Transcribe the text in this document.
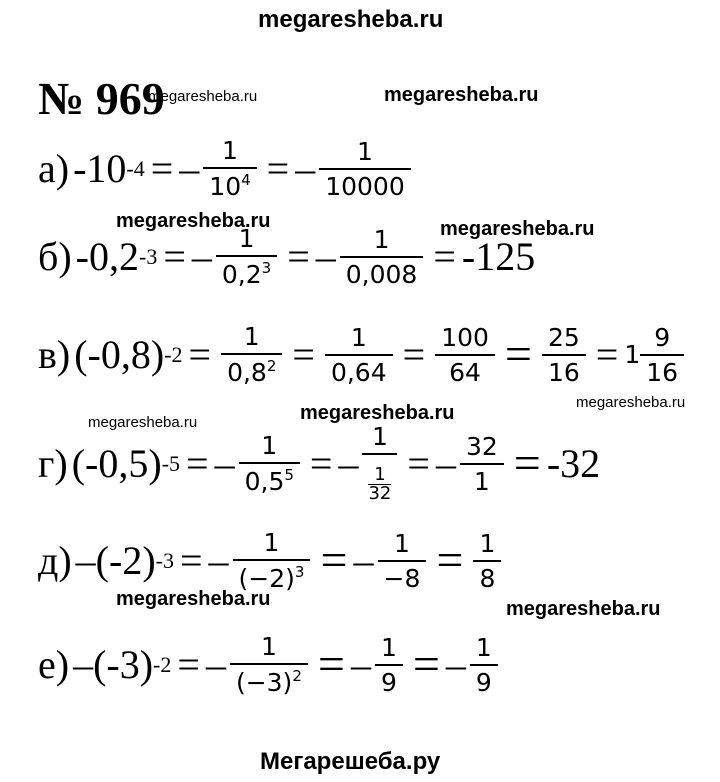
megaresheba.ru
Мегарешеба.ру
megaresheba.ru	megaresheba.ru
megaresheba.ru	megaresheba.ru
megaresheba.ru	megaresheba.ru	megaresheba.ru
megaresheba.ru	megaresheba.ru
№ 969
а) -10 -4 = – $\frac{1}{10^4}$ = – $\frac{1}{10000}$
б) -0,2 -3 = – $\frac{1}{0,2^3}$ = – $\frac{1}{0,008} = -125$
в) (-0,8) $-2 = \frac{1}{0,8^2} = \frac{1}{0,64} = \frac{100}{64} = \frac{25}{16} = 1 \frac{9}{16}$
г) (-0,5) -5 = – $\frac{1}{0,5^5}$ = – $\frac{1}{\frac{1}{32}}$ = – $\frac{32}{1} = -32$
д) –(-2) -3 = – $\frac{1}{(-2)^3}$ = – $\frac{1}{-8} = \frac{1}{8}$
е) –(-3) -2 = – $\frac{1}{(-3)^2}$ = – $\frac{1}{9}$ = – $\frac{1}{9}$
